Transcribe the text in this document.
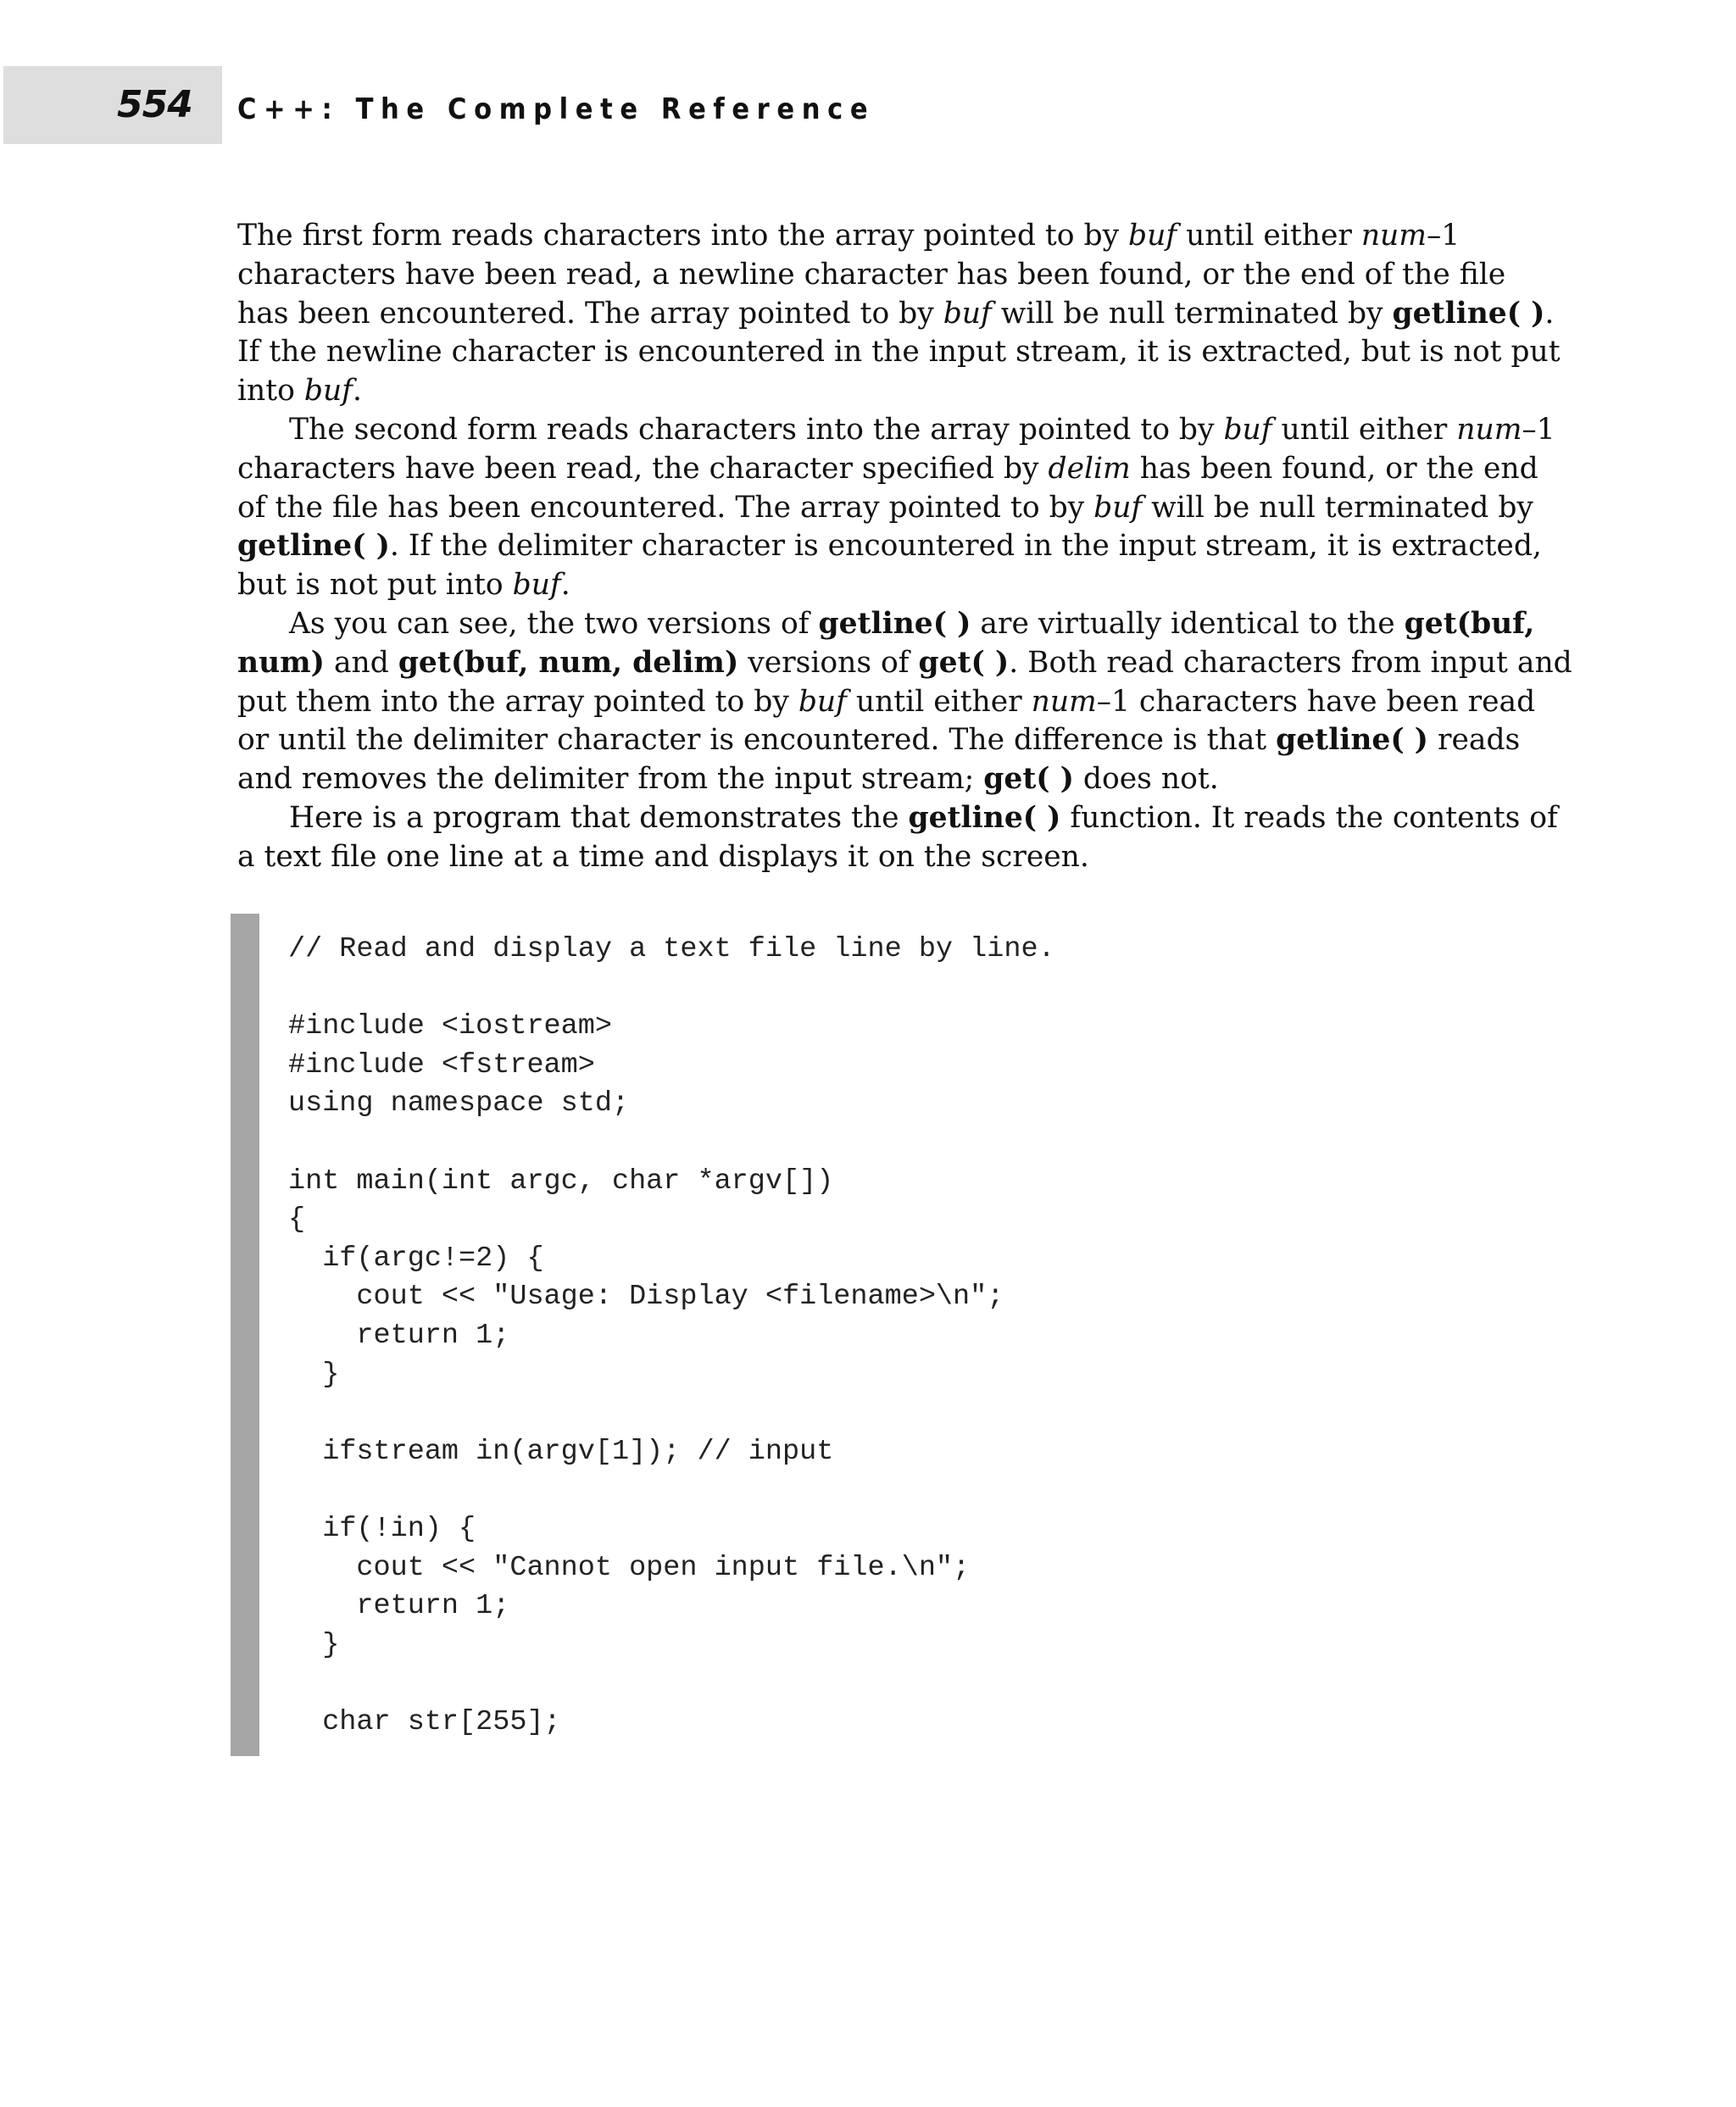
554 C++: The Complete Reference

The first form reads characters into the array pointed to by buf until either num–1
characters have been read, a newline character has been found, or the end of the file
has been encountered. The array pointed to by buf will be null terminated by getline( ).
If the newline character is encountered in the input stream, it is extracted, but is not put
into buf.

The second form reads characters into the array pointed to by buf until either num–1
characters have been read, the character specified by delim has been found, or the end
of the file has been encountered. The array pointed to by buf will be null terminated by
getline( ). If the delimiter character is encountered in the input stream, it is extracted,
but is not put into buf.

As you can see, the two versions of getline( ) are virtually identical to the get(buf,
num) and get(buf, num, delim) versions of get( ). Both read characters from input and
put them into the array pointed to by buf until either num–1 characters have been read
or until the delimiter character is encountered. The difference is that getline( ) reads
and removes the delimiter from the input stream; get( ) does not.

Here is a program that demonstrates the getline( ) function. It reads the contents of
a text file one line at a time and displays it on the screen.

// Read and display a text file line by line.
#include <iostream>
#include <fstream>
using namespace std;
int main(int argc, char *argv[])
{
if(argc!=2) {
cout << "Usage: Display <filename>\n";
return 1;
}
ifstream in(argv[1]); // input
if(!in) {
cout << "Cannot open input file.\n";
return 1;
}
char str[255];
